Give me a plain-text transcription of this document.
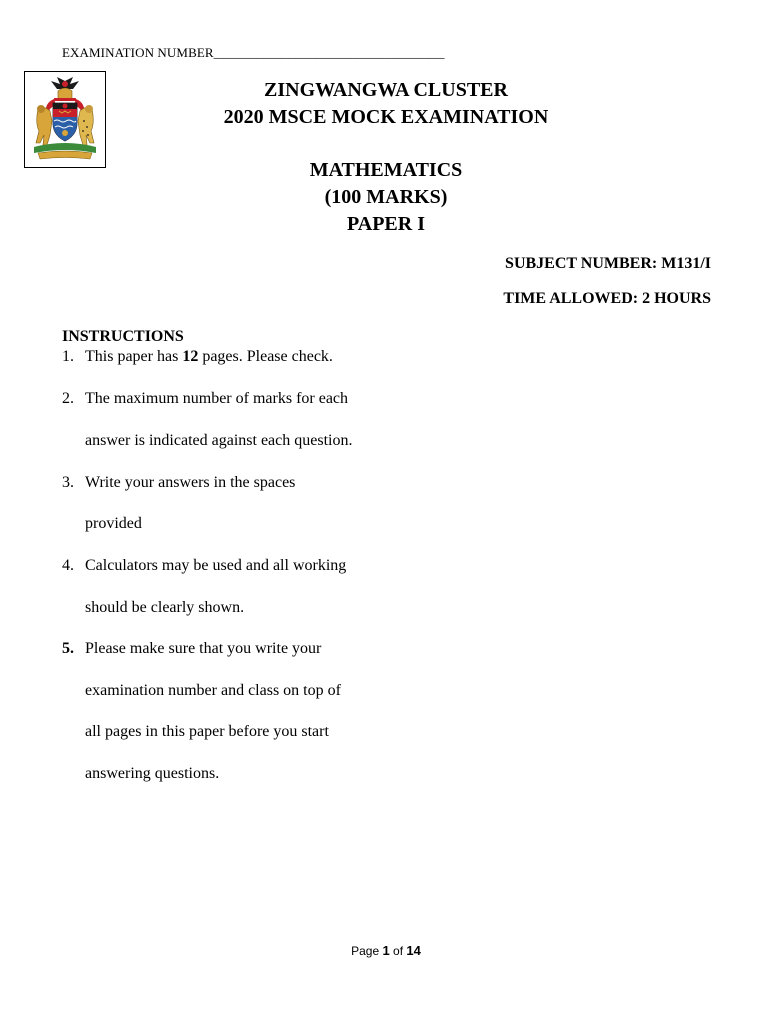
EXAMINATION NUMBER___________________________________
ZINGWANGWA CLUSTER
2020 MSCE MOCK EXAMINATION
MATHEMATICS
(100 MARKS)
PAPER I
SUBJECT NUMBER: M131/I
TIME ALLOWED: 2 HOURS
INSTRUCTIONS
1. This paper has 12 pages. Please check.
2. The maximum number of marks for each
answer is indicated against each question.
3. Write your answers in the spaces
provided
4. Calculators may be used and all working
should be clearly shown.
5. Please make sure that you write your
examination number and class on top of
all pages in this paper before you start
answering questions.
Page 1 of 14
